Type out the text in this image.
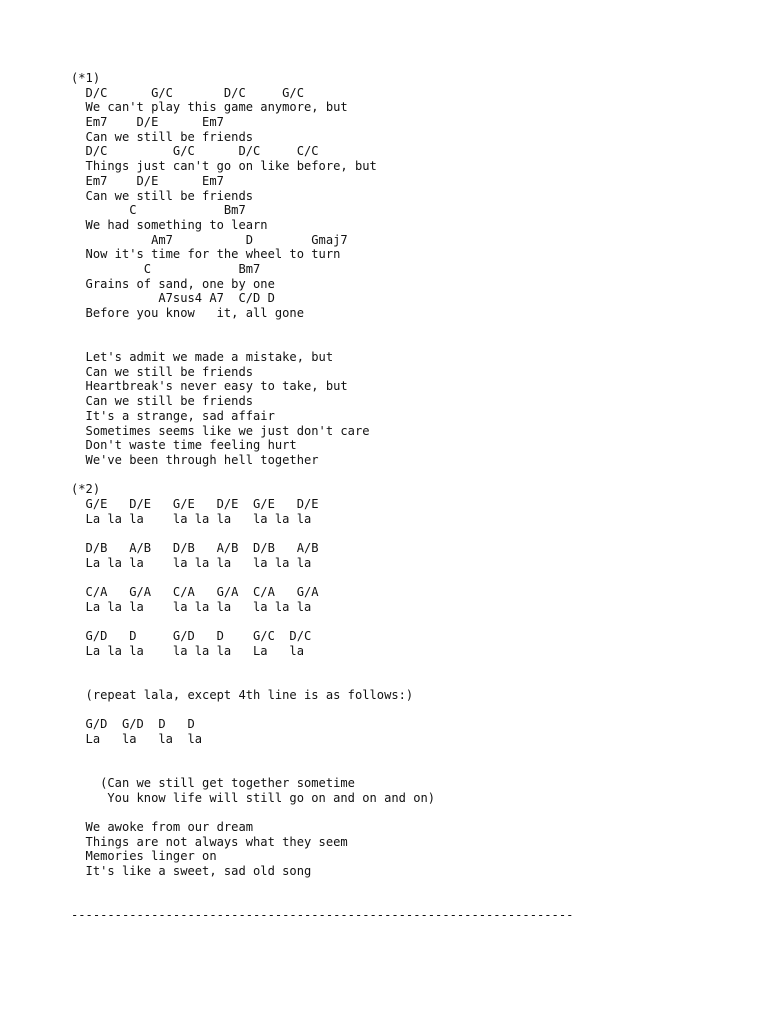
(*1)
D/C      G/C       D/C     G/C
We can't play this game anymore, but
Em7    D/E      Em7
Can we still be friends
D/C         G/C      D/C     C/C
Things just can't go on like before, but
Em7    D/E      Em7
Can we still be friends
C            Bm7
We had something to learn
Am7          D        Gmaj7
Now it's time for the wheel to turn
C            Bm7
Grains of sand, one by one
A7sus4 A7  C/D D
Before you know   it, all gone
Let's admit we made a mistake, but
Can we still be friends
Heartbreak's never easy to take, but
Can we still be friends
It's a strange, sad affair
Sometimes seems like we just don't care
Don't waste time feeling hurt
We've been through hell together
(*2)
G/E   D/E   G/E   D/E  G/E   D/E
La la la    la la la   la la la
D/B   A/B   D/B   A/B  D/B   A/B
La la la    la la la   la la la
C/A   G/A   C/A   G/A  C/A   G/A
La la la    la la la   la la la
G/D   D     G/D   D    G/C  D/C
La la la    la la la   La   la
(repeat lala, except 4th line is as follows:)
G/D  G/D  D   D
La   la   la  la
(Can we still get together sometime
You know life will still go on and on and on)
We awoke from our dream
Things are not always what they seem
Memories linger on
It's like a sweet, sad old song
---------------------------------------------------------------------
